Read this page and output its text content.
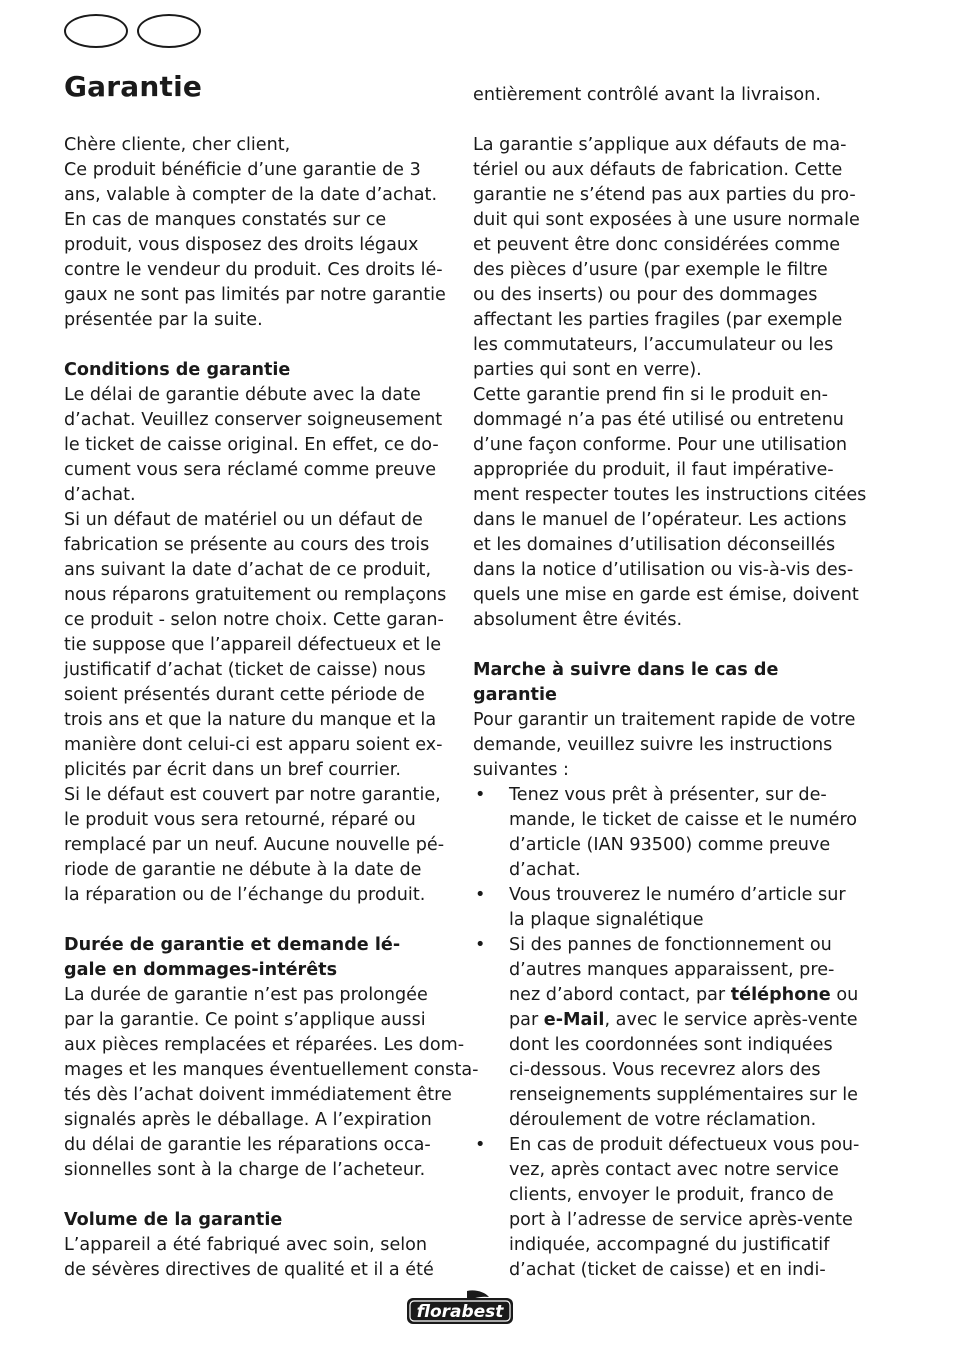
Garantie
Chère cliente, cher client,
Ce produit bénéficie d’une garantie de 3
ans, valable à compter de la date d’achat.
En cas de manques constatés sur ce
produit, vous disposez des droits légaux
contre le vendeur du produit. Ces droits lé-
gaux ne sont pas limités par notre garantie
présentée par la suite.
Conditions de garantie
Le délai de garantie débute avec la date
d’achat. Veuillez conserver soigneusement
le ticket de caisse original. En effet, ce do-
cument vous sera réclamé comme preuve
d’achat.
Si un défaut de matériel ou un défaut de
fabrication se présente au cours des trois
ans suivant la date d’achat de ce produit,
nous réparons gratuitement ou remplaçons
ce produit - selon notre choix. Cette garan-
tie suppose que l’appareil défectueux et le
justificatif d’achat (ticket de caisse) nous
soient présentés durant cette période de
trois ans et que la nature du manque et la
manière dont celui-ci est apparu soient ex-
plicités par écrit dans un bref courrier.
Si le défaut est couvert par notre garantie,
le produit vous sera retourné, réparé ou
remplacé par un neuf. Aucune nouvelle pé-
riode de garantie ne débute à la date de
la réparation ou de l’échange du produit.
Durée de garantie et demande lé-
gale en dommages-intérêts
La durée de garantie n’est pas prolongée
par la garantie. Ce point s’applique aussi
aux pièces remplacées et réparées. Les dom-
mages et les manques éventuellement consta-
tés dès l’achat doivent immédiatement être
signalés après le déballage. A l’expiration
du délai de garantie les réparations occa-
sionnelles sont à la charge de l’acheteur.
Volume de la garantie
L’appareil a été fabriqué avec soin, selon
de sévères directives de qualité et il a été
entièrement contrôlé avant la livraison.
La garantie s’applique aux défauts de ma-
tériel ou aux défauts de fabrication. Cette
garantie ne s’étend pas aux parties du pro-
duit qui sont exposées à une usure normale
et peuvent être donc considérées comme
des pièces d’usure (par exemple le filtre
ou des inserts) ou pour des dommages
affectant les parties fragiles (par exemple
les commutateurs, l’accumulateur ou les
parties qui sont en verre).
Cette garantie prend fin si le produit en-
dommagé n’a pas été utilisé ou entretenu
d’une façon conforme. Pour une utilisation
appropriée du produit, il faut impérative-
ment respecter toutes les instructions citées
dans le manuel de l’opérateur. Les actions
et les domaines d’utilisation déconseillés
dans la notice d’utilisation ou vis-à-vis des-
quels une mise en garde est émise, doivent
absolument être évités.
Marche à suivre dans le cas de
garantie
Pour garantir un traitement rapide de votre
demande, veuillez suivre les instructions
suivantes :
• Tenez vous prêt à présenter, sur de-
mande, le ticket de caisse et le numéro
d’article (IAN 93500) comme preuve
d’achat.
• Vous trouverez le numéro d’article sur
la plaque signalétique
• Si des pannes de fonctionnement ou
d’autres manques apparaissent, pre-
nez d’abord contact, par téléphone ou
par e-Mail, avec le service après-vente
dont les coordonnées sont indiquées
ci-dessous. Vous recevrez alors des
renseignements supplémentaires sur le
déroulement de votre réclamation.
• En cas de produit défectueux vous pou-
vez, après contact avec notre service
clients, envoyer le produit, franco de
port à l’adresse de service après-vente
indiquée, accompagné du justificatif
d’achat (ticket de caisse) et en indi-
florabest
